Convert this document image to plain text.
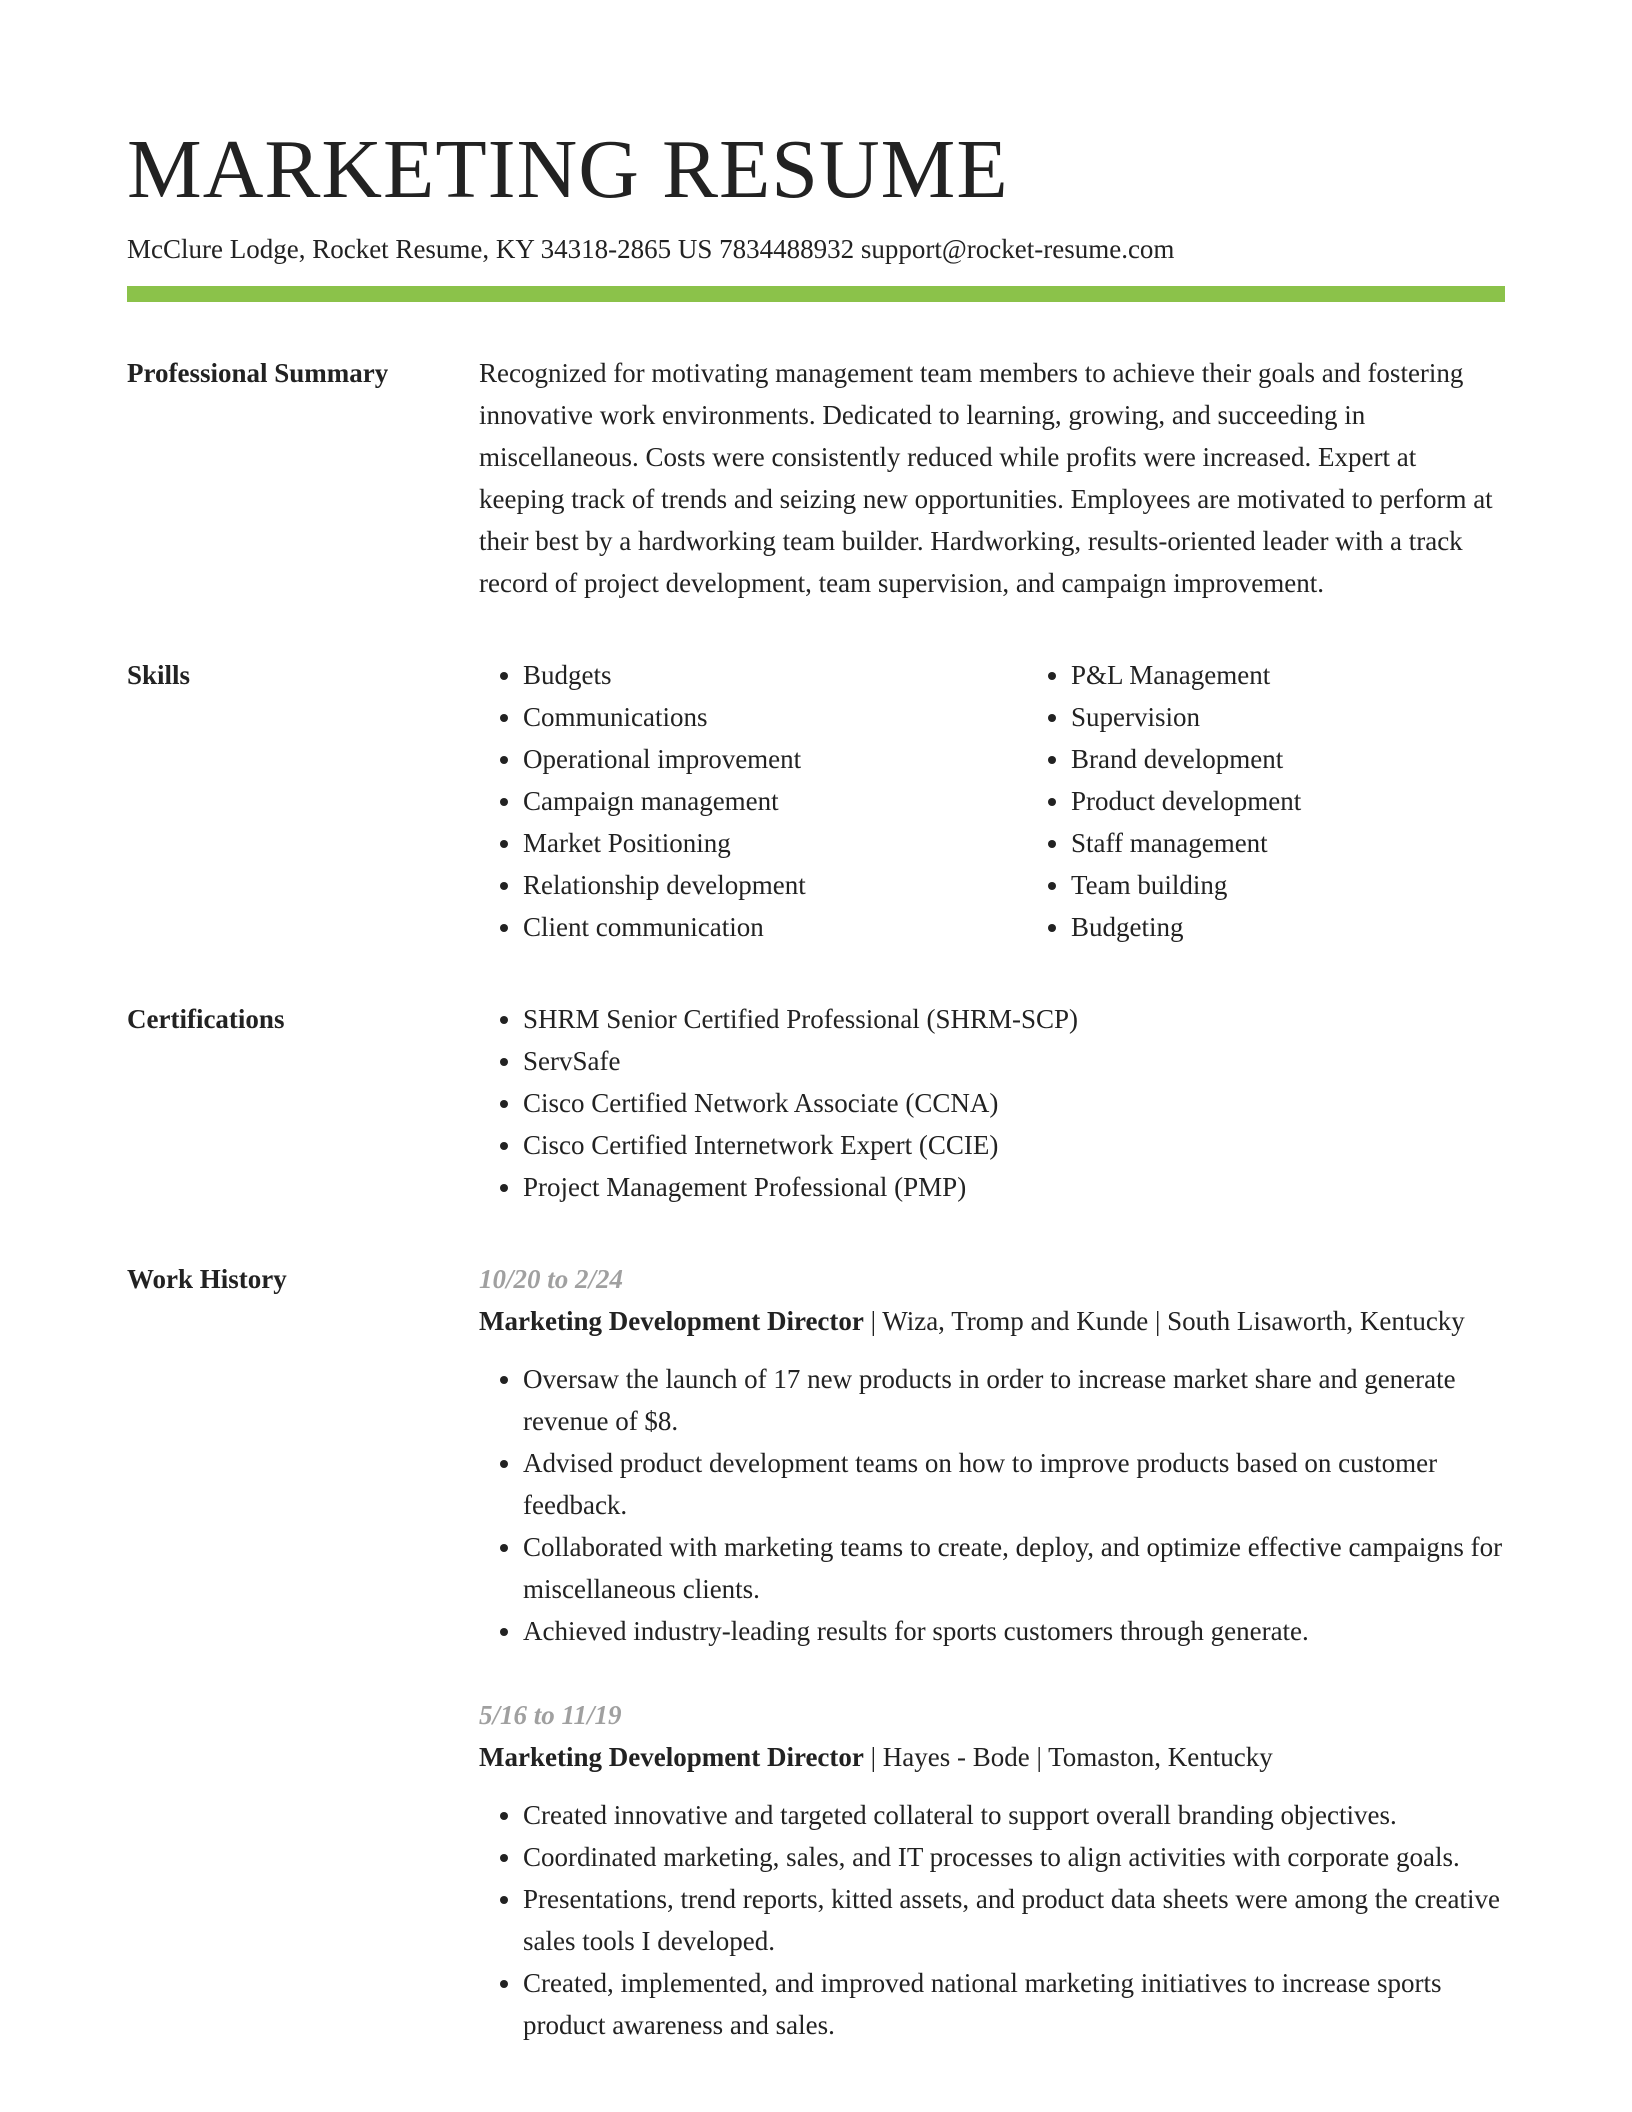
MARKETING RESUME
McClure Lodge, Rocket Resume, KY 34318-2865 US 7834488932 support@rocket-resume.com
Professional Summary	Recognized for motivating management team members to achieve their goals and fostering innovative work environments. Dedicated to learning, growing, and succeeding in miscellaneous. Costs were consistently reduced while profits were increased. Expert at keeping track of trends and seizing new opportunities. Employees are motivated to perform at their best by a hardworking team builder. Hardworking, results-oriented leader with a track record of project development, team supervision, and campaign improvement.

Skills	• Budgets
• Communications
• Operational improvement
• Campaign management
• Market Positioning
• Relationship development
• Client communication
• P&L Management
• Supervision
• Brand development
• Product development
• Staff management
• Team building
• Budgeting
Certifications	• SHRM Senior Certified Professional (SHRM-SCP)
• ServSafe
• Cisco Certified Network Associate (CCNA)
• Cisco Certified Internetwork Expert (CCIE)
• Project Management Professional (PMP)
Work History	10/20 to 2/24
Marketing Development Director | Wiza, Tromp and Kunde | South Lisaworth, Kentucky
• Oversaw the launch of 17 new products in order to increase market share and generate revenue of $8.
• Advised product development teams on how to improve products based on customer feedback.
• Collaborated with marketing teams to create, deploy, and optimize effective campaigns for miscellaneous clients.
• Achieved industry-leading results for sports customers through generate.
5/16 to 11/19
Marketing Development Director | Hayes - Bode | Tomaston, Kentucky
• Created innovative and targeted collateral to support overall branding objectives.
• Coordinated marketing, sales, and IT processes to align activities with corporate goals.
• Presentations, trend reports, kitted assets, and product data sheets were among the creative sales tools I developed.
• Created, implemented, and improved national marketing initiatives to increase sports product awareness and sales.
